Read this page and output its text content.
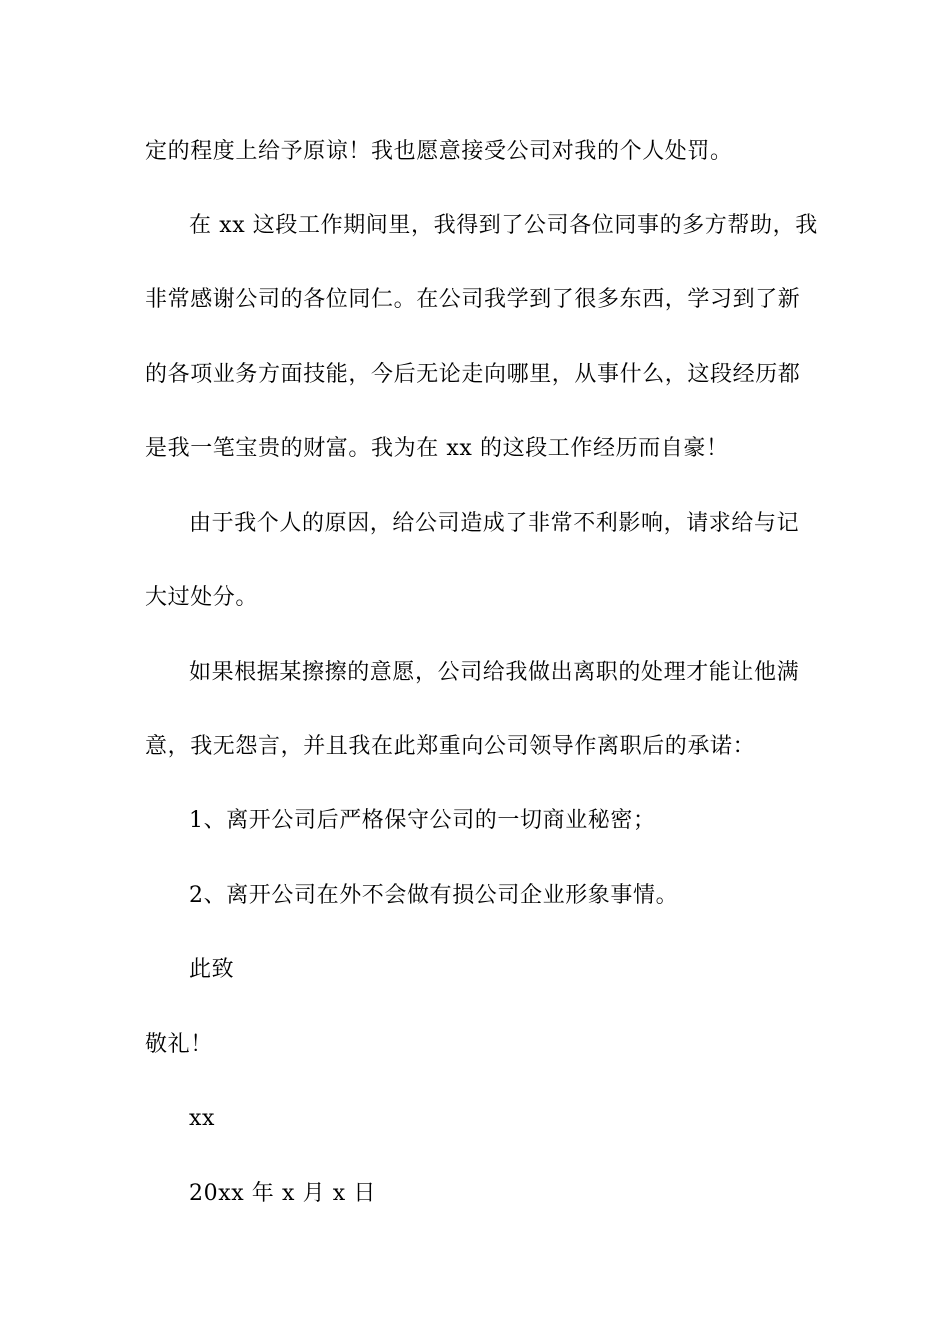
定的程度上给予原谅！我也愿意接受公司对我的个人处罚。
在 xx 这段工作期间里，我得到了公司各位同事的多方帮助，我
非常感谢公司的各位同仁。在公司我学到了很多东西，学习到了新
的各项业务方面技能，今后无论走向哪里，从事什么，这段经历都
是我一笔宝贵的财富。我为在 xx 的这段工作经历而自豪！
由于我个人的原因，给公司造成了非常不利影响，请求给与记
大过处分。
如果根据某擦擦的意愿，公司给我做出离职的处理才能让他满
意，我无怨言，并且我在此郑重向公司领导作离职后的承诺：
1、离开公司后严格保守公司的一切商业秘密；
2、离开公司在外不会做有损公司企业形象事情。
此致
敬礼！
xx
20xx 年 x 月 x 日
